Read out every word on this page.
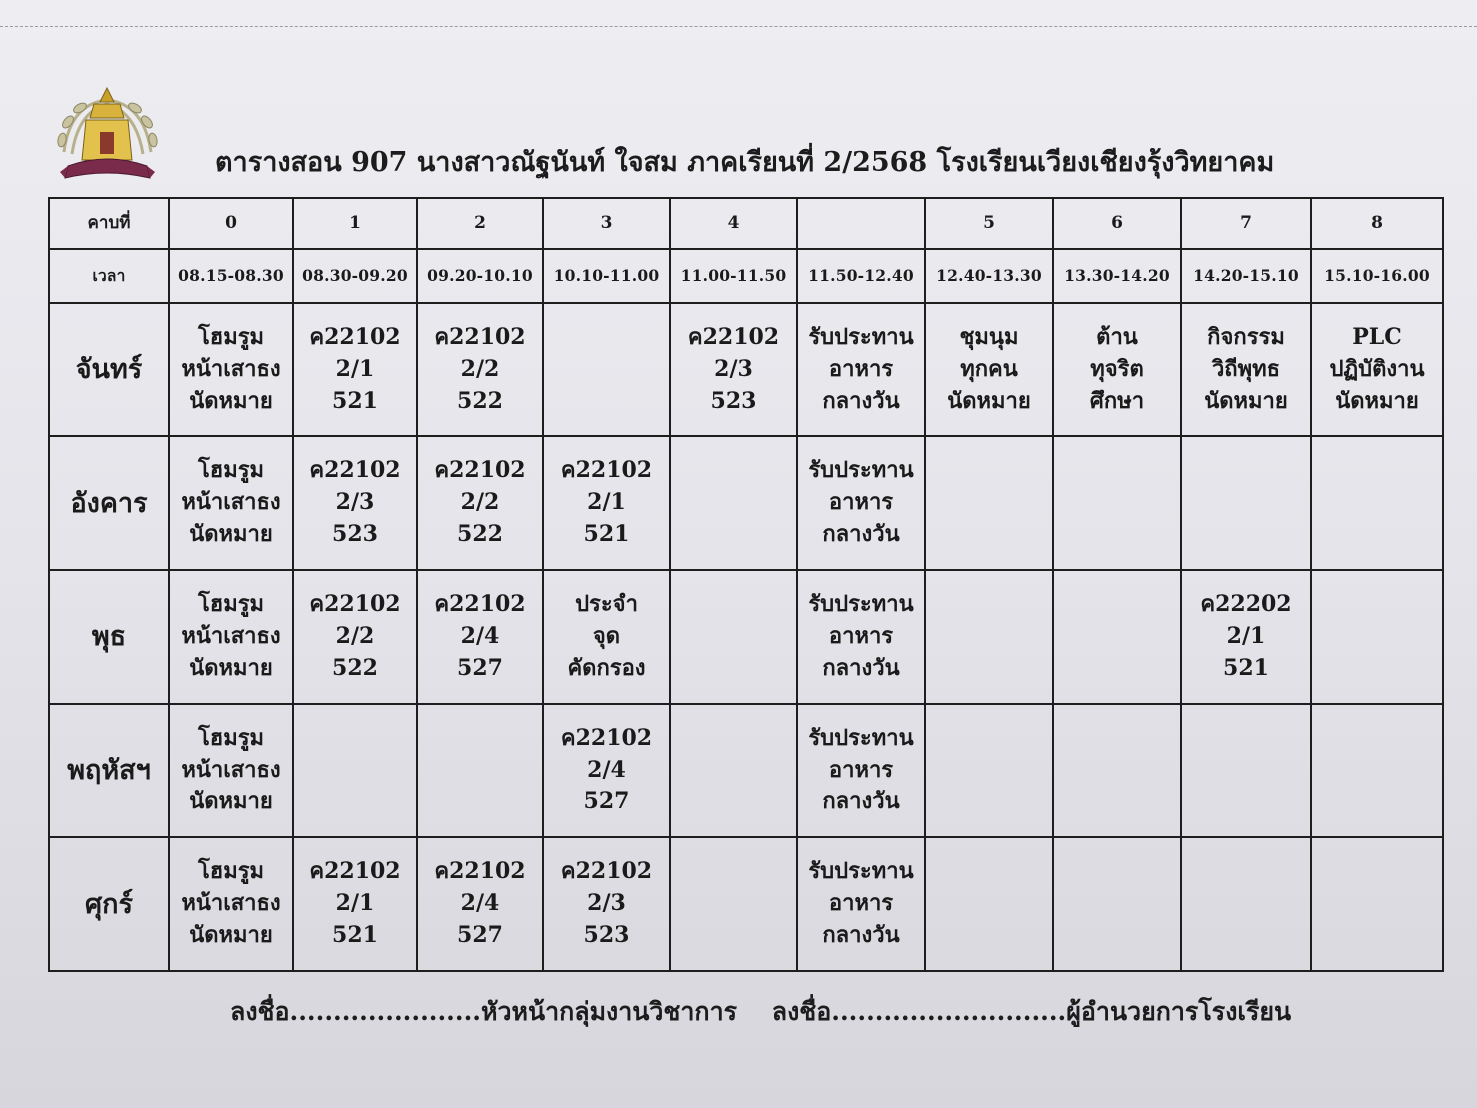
ตารางสอน 907 นางสาวณัฐนันท์ ใจสม ภาคเรียนที่ 2/2568 โรงเรียนเวียงเชียงรุ้งวิทยาคม
คาบที่	0	1	2	3	4		5	6	7	8
เวลา	08.15-08.30	08.30-09.20	09.20-10.10	10.10-11.00	11.00-11.50	11.50-12.40	12.40-13.30	13.30-14.20	14.20-15.10	15.10-16.00
จันทร์	โฮมรูม
หน้าเสาธง
นัดหมาย	ค22102
2/1
521	ค22102
2/2
522		ค22102
2/3
523	รับประทาน
อาหาร
กลางวัน	ชุมนุม
ทุกคน
นัดหมาย	ต้าน
ทุจริต
ศึกษา	กิจกรรม
วิถีพุทธ
นัดหมาย	PLC
ปฏิบัติงาน
นัดหมาย

อังคาร	โฮมรูม
หน้าเสาธง
นัดหมาย	ค22102
2/3
523	ค22102
2/2
522	ค22102
2/1
521		รับประทาน
อาหาร
กลางวัน				

พุธ	โฮมรูม
หน้าเสาธง
นัดหมาย	ค22102
2/2
522	ค22102
2/4
527	ประจำ
จุด
คัดกรอง		รับประทาน
อาหาร
กลางวัน			ค22202
2/1
521	

พฤหัสฯ	โฮมรูม
หน้าเสาธง
นัดหมาย			ค22102
2/4
527		รับประทาน
อาหาร
กลางวัน				

ศุกร์	โฮมรูม
หน้าเสาธง
นัดหมาย	ค22102
2/1
521	ค22102
2/4
527	ค22102
2/3
523		รับประทาน
อาหาร
กลางวัน				

ลงชื่อ......................หัวหน้ากลุ่มงานวิชาการ ลงชื่อ...........................ผู้อำนวยการโรงเรียน
